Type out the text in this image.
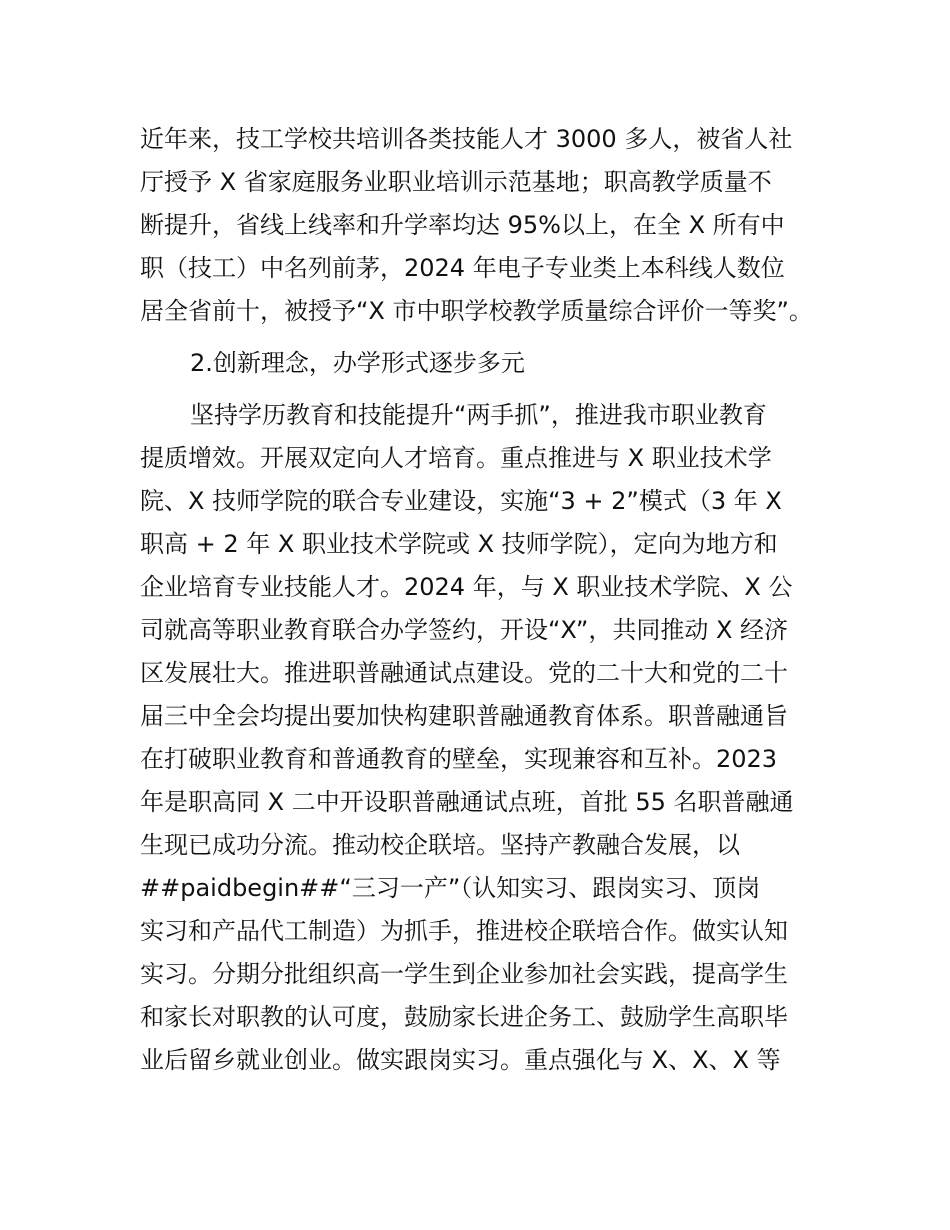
近年来，技工学校共培训各类技能人才 3000 多人，被省人社
厅授予 X 省家庭服务业职业培训示范基地；职高教学质量不
断提升，省线上线率和升学率均达 95%以上，在全 X 所有中
职（技工）中名列前茅，2024 年电子专业类上本科线人数位
居全省前十，被授予“X 市中职学校教学质量综合评价一等奖”。
2.创新理念，办学形式逐步多元
坚持学历教育和技能提升“两手抓”，推进我市职业教育
提质增效。开展双定向人才培育。重点推进与 X 职业技术学
院、X 技师学院的联合专业建设，实施“3 + 2”模式（3 年 X
职高 + 2 年 X 职业技术学院或 X 技师学院），定向为地方和
企业培育专业技能人才。2024 年，与 X 职业技术学院、X 公
司就高等职业教育联合办学签约，开设“X”，共同推动 X 经济
区发展壮大。推进职普融通试点建设。党的二十大和党的二十
届三中全会均提出要加快构建职普融通教育体系。职普融通旨
在打破职业教育和普通教育的壁垒，实现兼容和互补。2023
年是职高同 X 二中开设职普融通试点班，首批 55 名职普融通
生现已成功分流。推动校企联培。坚持产教融合发展，以
##paidbegin##“三习一产”（认知实习、跟岗实习、顶岗
实习和产品代工制造）为抓手，推进校企联培合作。做实认知
实习。分期分批组织高一学生到企业参加社会实践，提高学生
和家长对职教的认可度，鼓励家长进企务工、鼓励学生高职毕
业后留乡就业创业。做实跟岗实习。重点强化与 X、X、X 等
